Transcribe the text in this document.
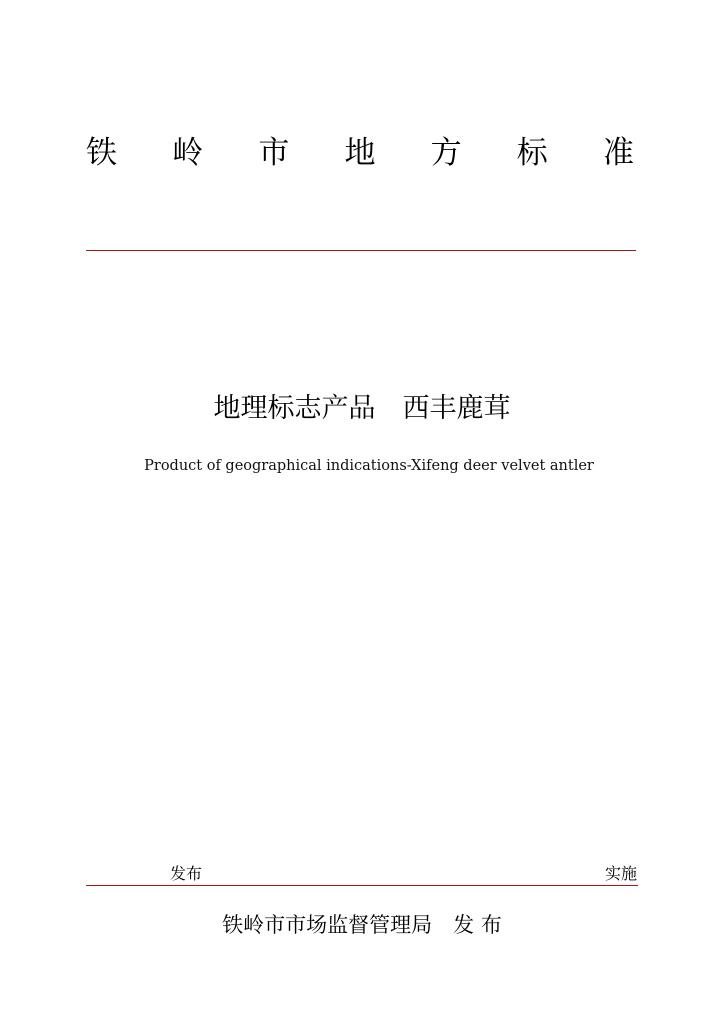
铁 岭 市 地 方 标 准
地理标志产品　西丰鹿茸
Product of geographical indications-Xifeng deer velvet antler
发布	实施
铁岭市市场监督管理局　发 布
